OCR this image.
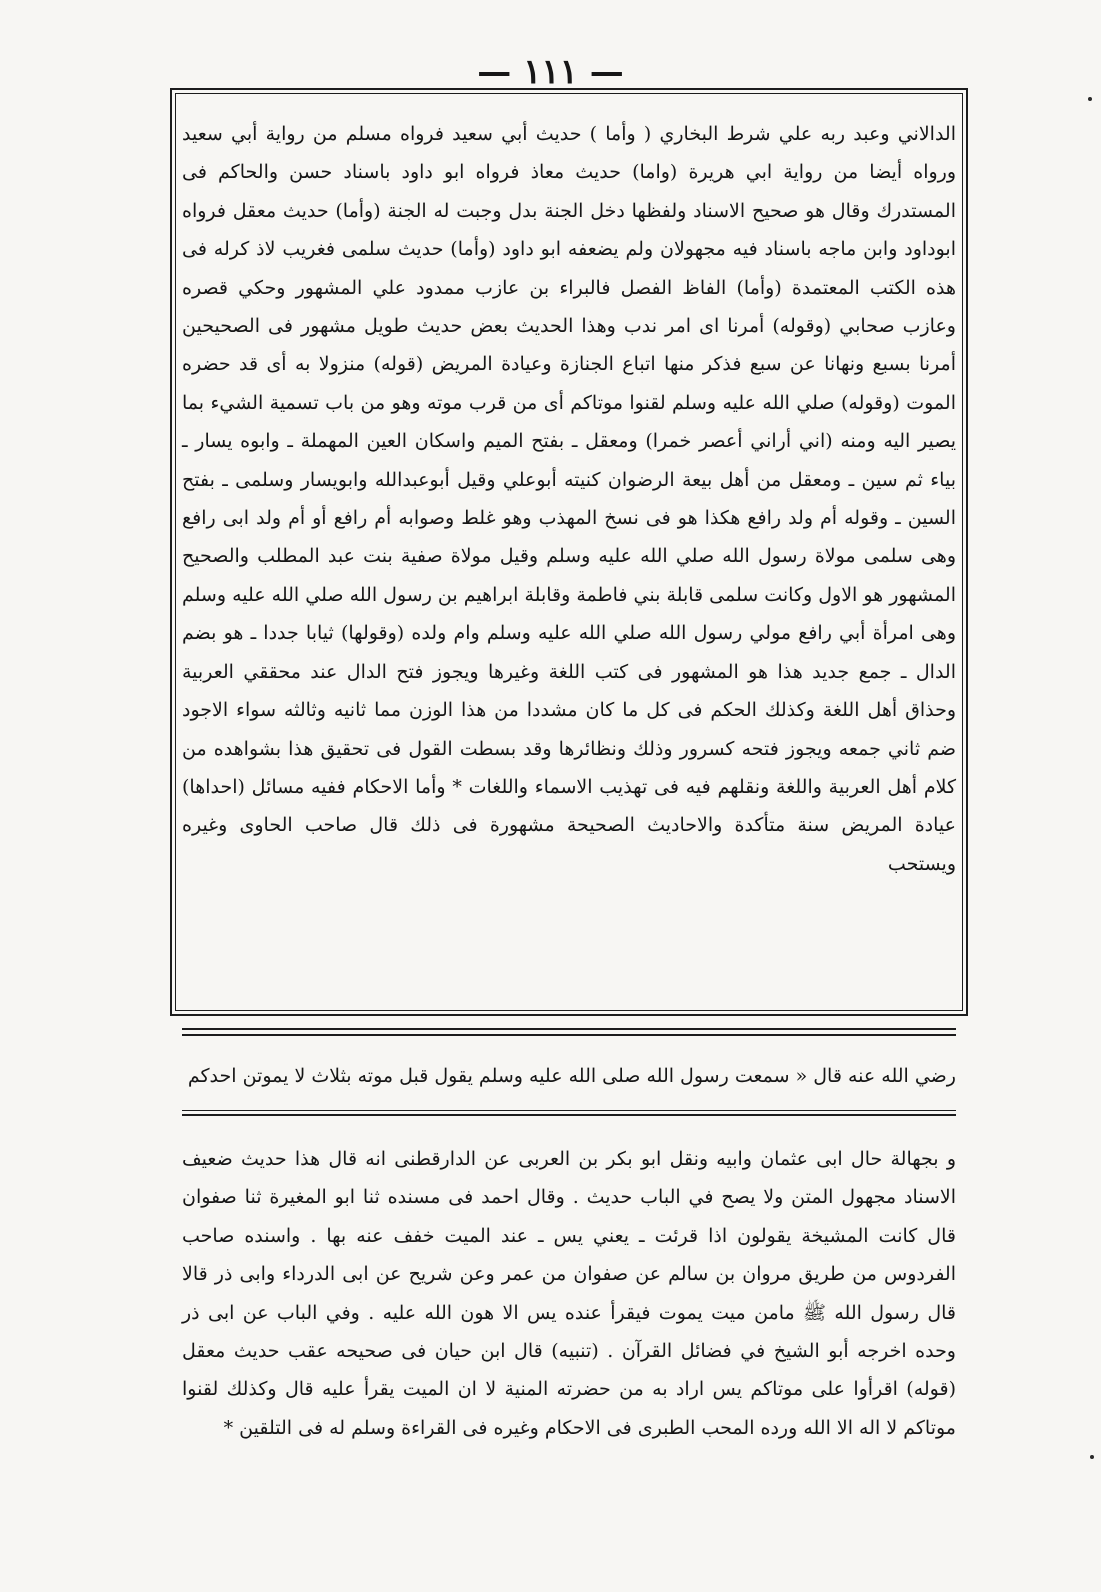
— ١١١ —

الدالاني وعبد ربه علي شرط البخاري ( وأما ) حديث أبي سعيد فرواه مسلم من رواية أبي سعيد ورواه أيضا من رواية ابي هريرة (واما) حديث معاذ فرواه ابو داود باسناد حسن والحاكم فى المستدرك وقال هو صحيح الاسناد ولفظها دخل الجنة بدل وجبت له الجنة (وأما) حديث معقل فرواه ابوداود وابن ماجه باسناد فيه مجهولان ولم يضعفه ابو داود (وأما) حديث سلمى فغريب لاذ كرله فى هذه الكتب المعتمدة (وأما) الفاظ الفصل فالبراء بن عازب ممدود علي المشهور وحكي قصره وعازب صحابي (وقوله) أمرنا اى امر ندب وهذا الحديث بعض حديث طويل مشهور فى الصحيحين أمرنا بسبع ونهانا عن سبع فذكر منها اتباع الجنازة وعيادة المريض (قوله) منزولا به أى قد حضره الموت (وقوله) صلي الله عليه وسلم لقنوا موتاكم أى من قرب موته وهو من باب تسمية الشيء بما يصير اليه ومنه (اني أراني أعصر خمرا) ومعقل ـ بفتح الميم واسكان العين المهملة ـ وابوه يسار ـ بياء ثم سين ـ ومعقل من أهل بيعة الرضوان كنيته أبوعلي وقيل أبوعبدالله وابويسار وسلمى ـ بفتح السين ـ وقوله أم ولد رافع هكذا هو فى نسخ المهذب وهو غلط وصوابه أم رافع أو أم ولد ابى رافع وهى سلمى مولاة رسول الله صلي الله عليه وسلم وقيل مولاة صفية بنت عبد المطلب والصحيح المشهور هو الاول وكانت سلمى قابلة بني فاطمة وقابلة ابراهيم بن رسول الله صلي الله عليه وسلم وهى امرأة أبي رافع مولي رسول الله صلي الله عليه وسلم وام ولده (وقولها) ثيابا جددا ـ هو بضم الدال ـ جمع جديد هذا هو المشهور فى كتب اللغة وغيرها ويجوز فتح الدال عند محققي العربية وحذاق أهل اللغة وكذلك الحكم فى كل ما كان مشددا من هذا الوزن مما ثانيه وثالثه سواء الاجود ضم ثاني جمعه ويجوز فتحه كسرور وذلك ونظائرها وقد بسطت القول فى تحقيق هذا بشواهده من كلام أهل العربية واللغة ونقلهم فيه فى تهذيب الاسماء واللغات * وأما الاحكام ففيه مسائل (احداها) عيادة المريض سنة متأكدة والاحاديث الصحيحة مشهورة فى ذلك قال صاحب الحاوى وغيره ويستحب

رضي الله عنه قال « سمعت رسول الله صلى الله عليه وسلم يقول قبل موته بثلاث لا يموتن احدكم

و بجهالة حال ابى عثمان وابيه ونقل ابو بكر بن العربى عن الدارقطنى انه قال هذا حديث ضعيف الاسناد مجهول المتن ولا يصح في الباب حديث . وقال احمد فى مسنده ثنا ابو المغيرة ثنا صفوان قال كانت المشيخة يقولون اذا قرئت ـ يعني يس ـ عند الميت خفف عنه بها . واسنده صاحب الفردوس من طريق مروان بن سالم عن صفوان من عمر وعن شريح عن ابى الدرداء وابى ذر قالا قال رسول الله ﷺ مامن ميت يموت فيقرأ عنده يس الا هون الله عليه . وفي الباب عن ابى ذر وحده اخرجه أبو الشيخ في فضائل القرآن . (تنبيه) قال ابن حيان فى صحيحه عقب حديث معقل (قوله) اقرأوا على موتاكم يس اراد به من حضرته المنية لا ان الميت يقرأ عليه قال وكذلك لقنوا موتاكم لا اله الا الله ورده المحب الطبرى فى الاحكام وغيره فى القراءة وسلم له فى التلقين *
